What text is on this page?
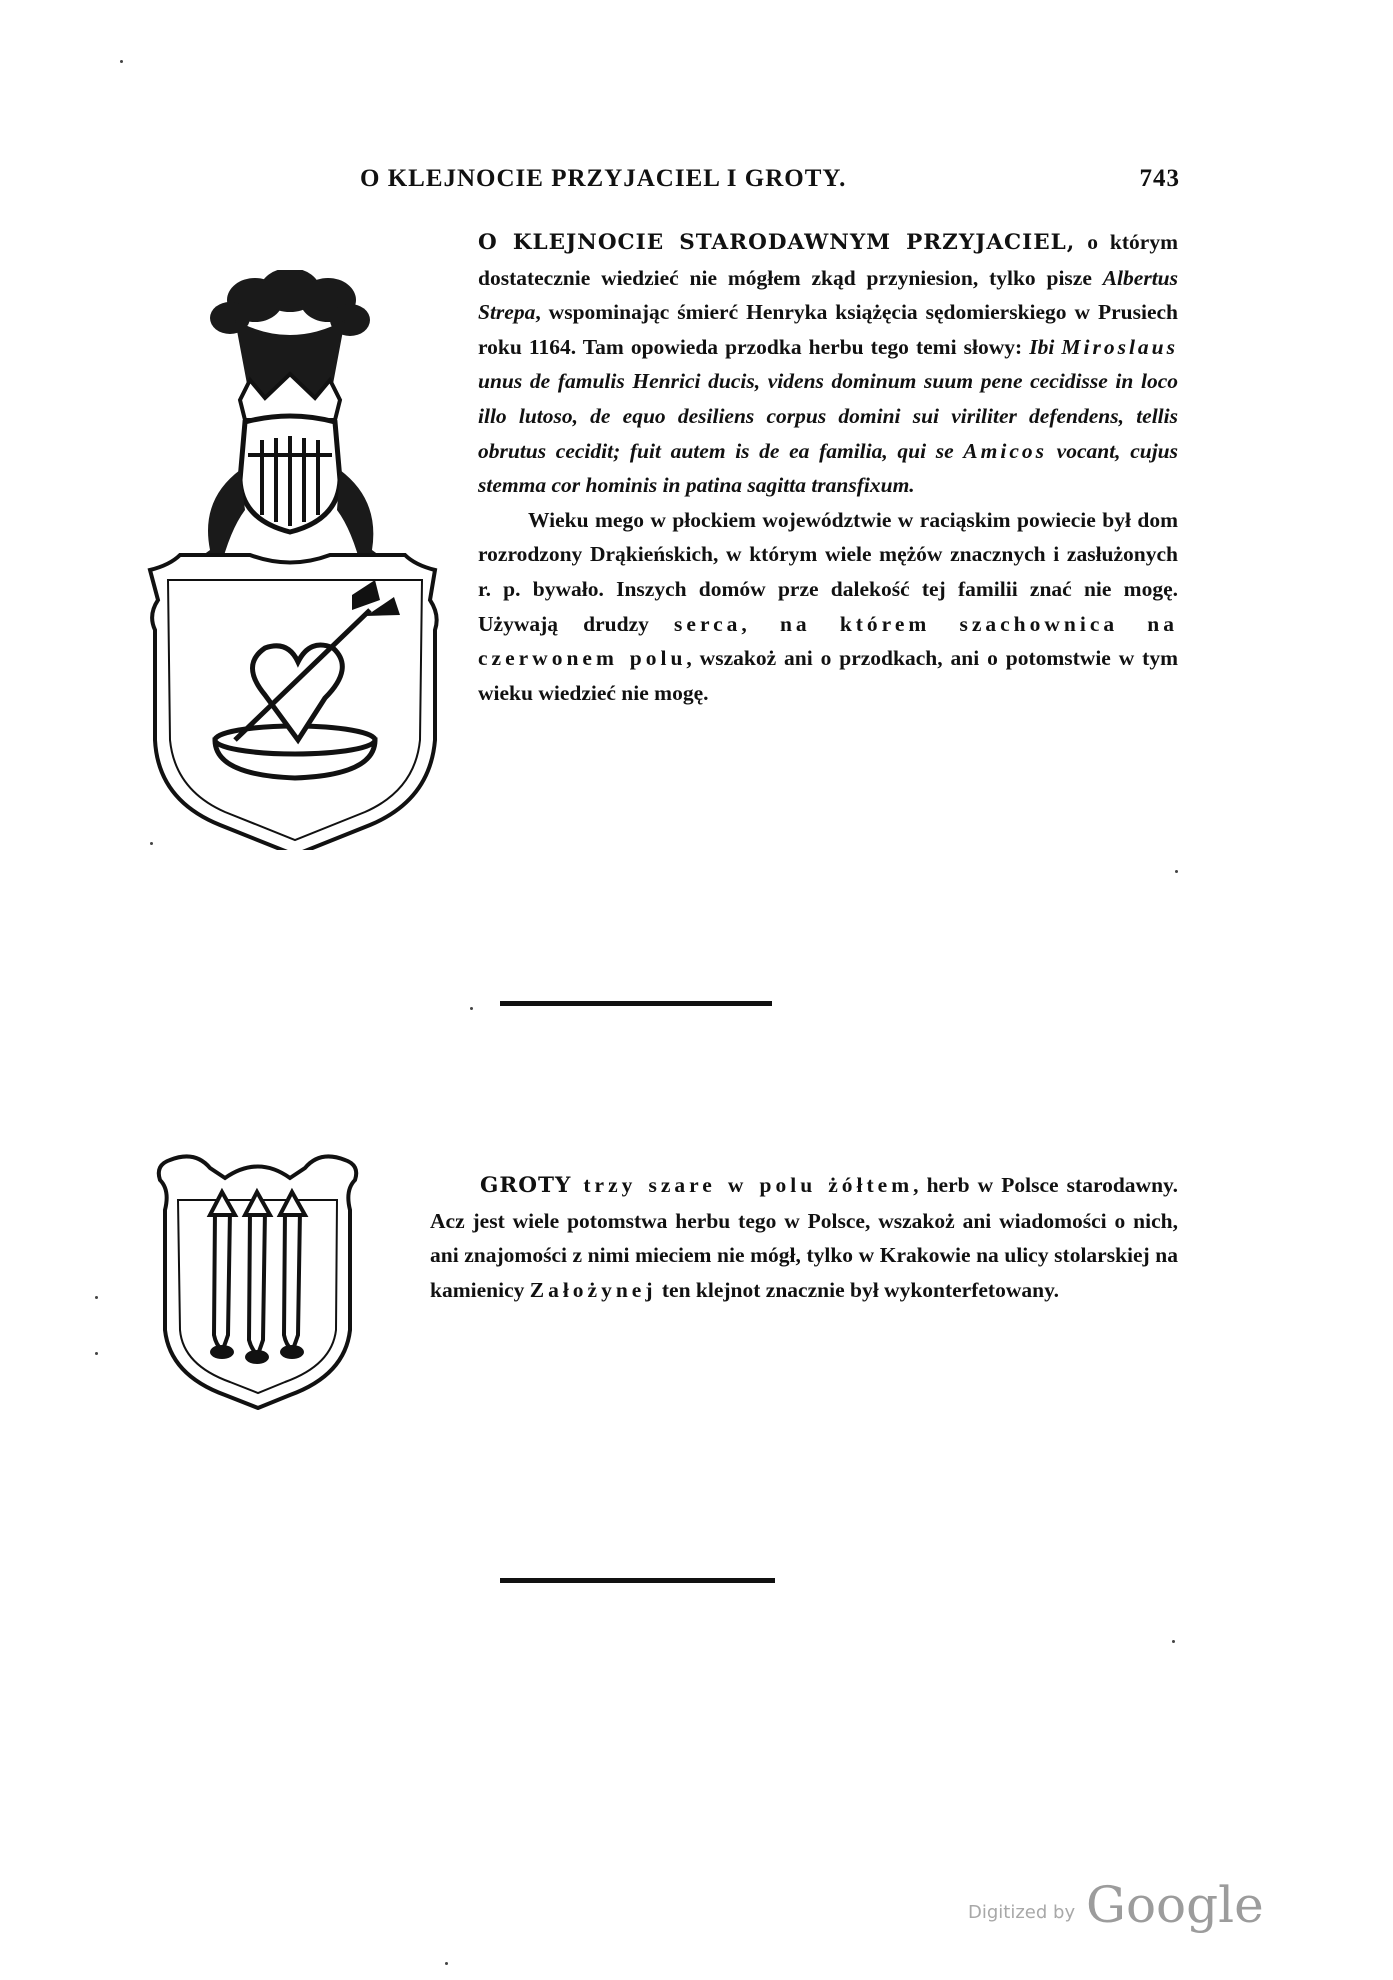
O KLEJNOCIE PRZYJACIEL I GROTY.	743

O KLEJNOCIE STARODAWNYM PRZYJACIEL, o którym dostatecznie wiedzieć nie mógłem zkąd przyniesion, tylko pisze Albertus Strepa, wspominając śmierć Henryka książęcia sędomierskiego w Prusiech roku 1164. Tam opowieda przodka herbu tego temi słowy: Ibi Miroslaus unus de famulis Henrici ducis, videns dominum suum pene cecidisse in loco illo lutoso, de equo desiliens corpus domini sui viriliter defendens, tellis obrutus cecidit; fuit autem is de ea familia, qui se Amicos vocant, cujus stemma cor hominis in patina sagitta transfixum.

Wieku mego w płockiem województwie w raciąskim powiecie był dom rozrodzony Drąkieńskich, w którym wiele mężów znacznych i zasłużonych r. p. bywało. Inszych domów prze dalekość tej familii znać nie mogę. Używają drudzy serca, na którem szachownica na czerwonem polu, wszakoż ani o przodkach, ani o potomstwie w tym wieku wiedzieć nie mogę.

GROTY trzy szare w polu żółtem, herb w Polsce starodawny. Acz jest wiele potomstwa herbu tego w Polsce, wszakoż ani wiadomości o nich, ani znajomości z nimi mieciem nie mógł, tylko w Krakowie na ulicy stolarskiej na kamienicy Założynej ten klejnot znacznie był wykonterfetowany.

Digitized by Google
